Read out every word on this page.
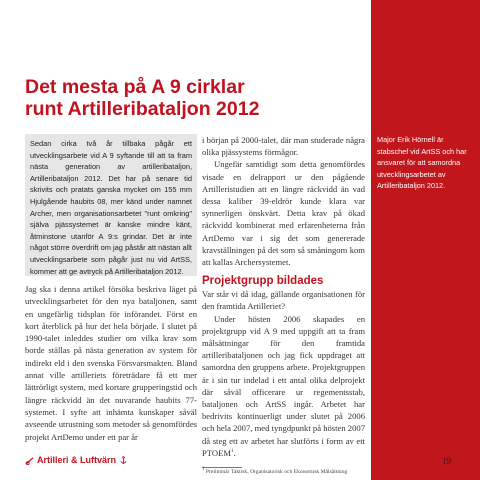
Det mesta på A 9 cirklar
runt Artilleribataljon 2012

Sedan cirka två år tillbaka pågår ett utvecklingsarbete vid A 9 syftande till att ta fram nästa generation av artilleribataljon, Artilleribataljon 2012. Det har på senare tid skrivits och pratats ganska mycket om 155 mm Hjulgående haubits 08, mer känd under namnet Archer, men organisationsarbetet "runt omkring" själva pjässystemet är kanske mindre känt, åtminstone utanför A 9:s grindar. Det är inte något större överdrift om jag påstår att nästan allt utvecklingsarbete som pågår just nu vid ArtSS, kommer att ge avtryck på Artilleribataljon 2012.

Jag ska i denna artikel försöka beskriva läget på utvecklingsarbetet för den nya bataljonen, samt en ungefärlig tidsplan för införandet. Först en kort återblick på hur det hela började. I slutet på 1990-talet inleddes studier om vilka krav som borde ställas på nästa generation av system för indirekt eld i den svenska Försvarsmakten. Bland annat ville artilleriets företrädare få ett mer lättrörligt system, med kortare grupperingstid och längre räckvidd än det nuvarande haubits 77-systemet. I syfte att inhämta kunskaper såväl avseende utrustning som metoder så genomfördes projekt ArtDemo under ett par år

i början på 2000-talet, där man studerade några olika pjässystems förmågor.

Ungefär samtidigt som detta genomfördes visade en delrapport ur den pågående Artilleristudien att en längre räckvidd än vad dessa kaliber 39-eldrör kunde klara var synnerligen önskvärt. Detta krav på ökad räckvidd kombinerat med erfarenheterna från ArtDemo var i sig det som genererade kravställningen på det som så småningom kom att kallas Archersystemet.

Projektgrupp bildades

Var står vi då idag, gällande organisationen för den framtida Artilleriet?

Under hösten 2006 skapades en projektgrupp vid A 9 med uppgift att ta fram målsättningar för den framtida artilleribataljonen och jag fick uppdraget att samordna den gruppens arbete. Projektgruppen är i sin tur indelad i ett antal olika delprojekt där såväl officerare ur regementsstab, bataljonen och ArtSS ingår. Arbetet har bedrivits kontinuerligt under slutet på 2006 och hela 2007, med tyngdpunkt på hösten 2007 då steg ett av arbetet har slutförts i form av ett PTOEM$^1$.

$^1$ Preliminär Taktisk, Organisatorisk och Ekonomisk Målsättning

Major Erik Hörnell är stabschef vid ArtSS och har ansvaret för att samordna utvecklingsarbetet av Artilleribataljon 2012.

Artilleri & Luftvärn	19
